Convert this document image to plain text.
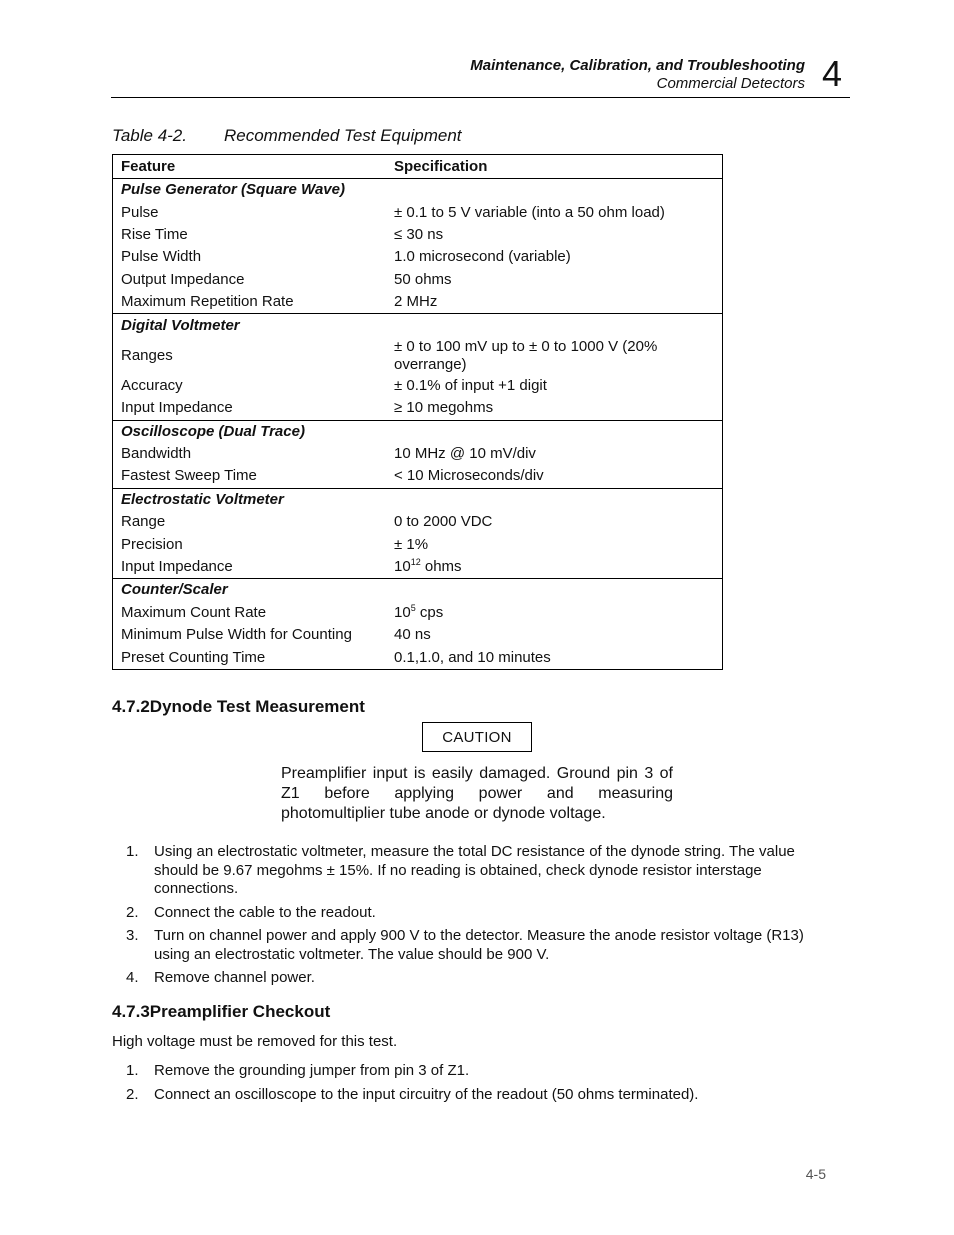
Maintenance, Calibration, and Troubleshooting
Commercial Detectors 4
Table 4-2. Recommended Test Equipment
Feature	Specification
Pulse Generator (Square Wave)	
Pulse	± 0.1 to 5 V variable (into a 50 ohm load)
Rise Time	≤ 30 ns
Pulse Width	1.0 microsecond (variable)
Output Impedance	50 ohms
Maximum Repetition Rate	2 MHz
Digital Voltmeter	
Ranges	± 0 to 100 mV up to ± 0 to 1000 V (20% overrange)
Accuracy	± 0.1% of input +1 digit
Input Impedance	≥ 10 megohms
Oscilloscope (Dual Trace)	
Bandwidth	10 MHz @ 10 mV/div
Fastest Sweep Time	< 10 Microseconds/div
Electrostatic Voltmeter	
Range	0 to 2000 VDC
Precision	± 1%
Input Impedance	$10^{12}$ ohms
Counter/Scaler	
Maximum Count Rate	$10^5$ cps
Minimum Pulse Width for Counting	40 ns
Preset Counting Time	0.1,1.0, and 10 minutes
4.7.2Dynode Test Measurement
CAUTION
Preamplifier input is easily damaged. Ground pin 3 of Z1 before applying power and measuring photomultiplier tube anode or dynode voltage.
1. Using an electrostatic voltmeter, measure the total DC resistance of the dynode string. The value should be 9.67 megohms ± 15%. If no reading is obtained, check dynode resistor interstage connections.
2. Connect the cable to the readout.
3. Turn on channel power and apply 900 V to the detector. Measure the anode resistor voltage (R13) using an electrostatic voltmeter. The value should be 900 V.
4. Remove channel power.
4.7.3Preamplifier Checkout
High voltage must be removed for this test.
1. Remove the grounding jumper from pin 3 of Z1.
2. Connect an oscilloscope to the input circuitry of the readout (50 ohms terminated).
4-5
